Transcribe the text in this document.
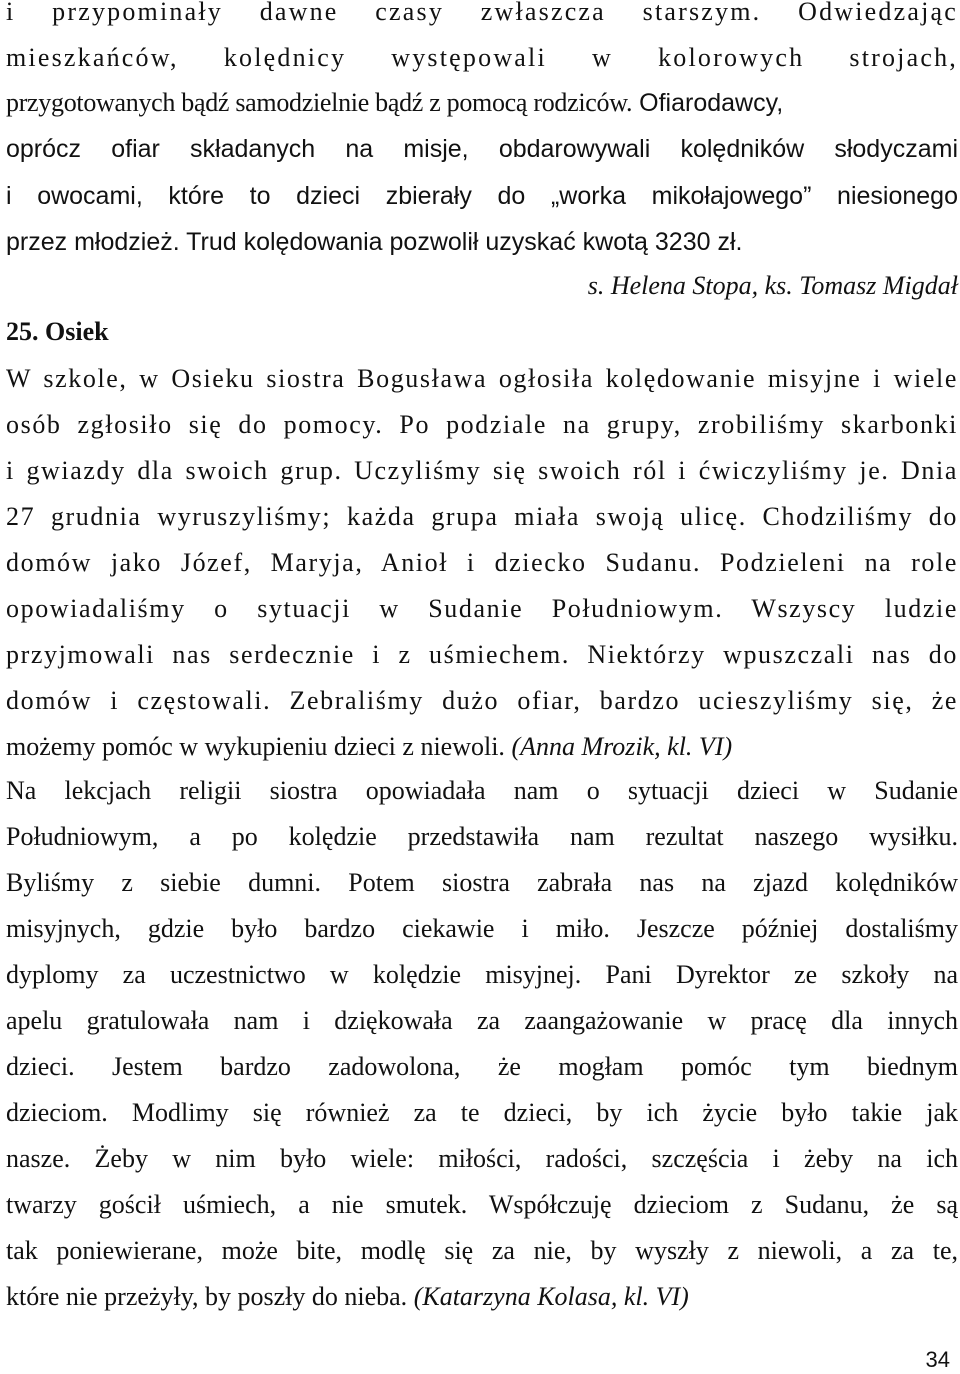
i przypominały dawne czasy zwłaszcza starszym. Odwiedzając
mieszkańców, kolędnicy występowali w kolorowych strojach,
przygotowanych bądź samodzielnie bądź z pomocą rodziców. Ofiarodawcy,
oprócz ofiar składanych na misje, obdarowywali kolędników słodyczami
i owocami, które to dzieci zbierały do „worka mikołajowego” niesionego
przez młodzież. Trud kolędowania pozwolił uzyskać kwotą 3230 zł.
s. Helena Stopa, ks. Tomasz Migdał
25. Osiek
W szkole, w Osieku siostra Bogusława ogłosiła kolędowanie misyjne i wiele
osób zgłosiło się do pomocy. Po podziale na grupy, zrobiliśmy skarbonki
i gwiazdy dla swoich grup. Uczyliśmy się swoich ról i ćwiczyliśmy je. Dnia
27 grudnia wyruszyliśmy; każda grupa miała swoją ulicę. Chodziliśmy do
domów jako Józef, Maryja, Anioł i dziecko Sudanu. Podzieleni na role
opowiadaliśmy o sytuacji w Sudanie Południowym. Wszyscy ludzie
przyjmowali nas serdecznie i z uśmiechem. Niektórzy wpuszczali nas do
domów i częstowali. Zebraliśmy dużo ofiar, bardzo ucieszyliśmy się, że
możemy pomóc w wykupieniu dzieci z niewoli. (Anna Mrozik, kl. VI)
Na lekcjach religii siostra opowiadała nam o sytuacji dzieci w Sudanie
Południowym, a po kolędzie przedstawiła nam rezultat naszego wysiłku.
Byliśmy z siebie dumni. Potem siostra zabrała nas na zjazd kolędników
misyjnych, gdzie było bardzo ciekawie i miło. Jeszcze później dostaliśmy
dyplomy za uczestnictwo w kolędzie misyjnej. Pani Dyrektor ze szkoły na
apelu gratulowała nam i dziękowała za zaangażowanie w pracę dla innych
dzieci. Jestem bardzo zadowolona, że mogłam pomóc tym biednym
dzieciom. Modlimy się również za te dzieci, by ich życie było takie jak
nasze. Żeby w nim było wiele: miłości, radości, szczęścia i żeby na ich
twarzy gościł uśmiech, a nie smutek. Współczuję dzieciom z Sudanu, że są
tak poniewierane, może bite, modlę się za nie, by wyszły z niewoli, a za te,
które nie przeżyły, by poszły do nieba. (Katarzyna Kolasa, kl. VI)
34
